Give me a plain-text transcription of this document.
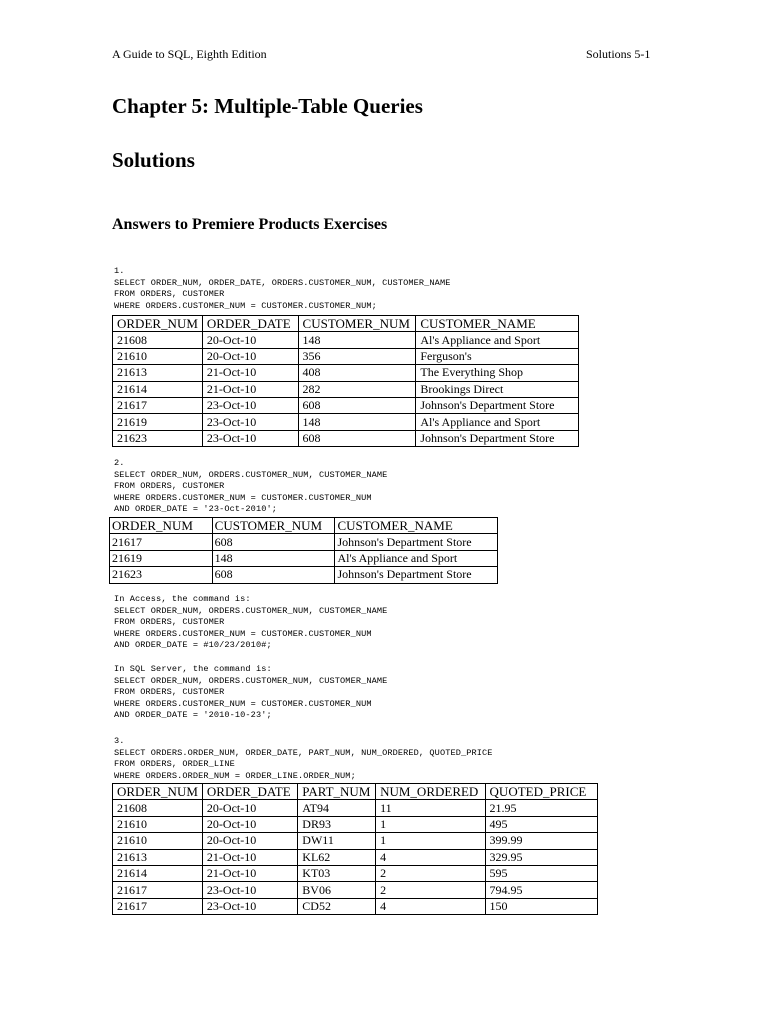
A Guide to SQL, Eighth Edition	Solutions 5-1
Chapter 5: Multiple-Table Queries
Solutions
Answers to Premiere Products Exercises
1.
SELECT ORDER_NUM, ORDER_DATE, ORDERS.CUSTOMER_NUM, CUSTOMER_NAME
FROM ORDERS, CUSTOMER
WHERE ORDERS.CUSTOMER_NUM = CUSTOMER.CUSTOMER_NUM;
ORDER_NUM	ORDER_DATE	CUSTOMER_NUM	CUSTOMER_NAME
21608	20-Oct-10	148	Al's Appliance and Sport
21610	20-Oct-10	356	Ferguson's
21613	21-Oct-10	408	The Everything Shop
21614	21-Oct-10	282	Brookings Direct
21617	23-Oct-10	608	Johnson's Department Store
21619	23-Oct-10	148	Al's Appliance and Sport
21623	23-Oct-10	608	Johnson's Department Store
2.
SELECT ORDER_NUM, ORDERS.CUSTOMER_NUM, CUSTOMER_NAME
FROM ORDERS, CUSTOMER
WHERE ORDERS.CUSTOMER_NUM = CUSTOMER.CUSTOMER_NUM
AND ORDER_DATE = '23-Oct-2010';
ORDER_NUM	CUSTOMER_NUM	CUSTOMER_NAME
21617	608	Johnson's Department Store
21619	148	Al's Appliance and Sport
21623	608	Johnson's Department Store
In Access, the command is:
SELECT ORDER_NUM, ORDERS.CUSTOMER_NUM, CUSTOMER_NAME
FROM ORDERS, CUSTOMER
WHERE ORDERS.CUSTOMER_NUM = CUSTOMER.CUSTOMER_NUM
AND ORDER_DATE = #10/23/2010#;
In SQL Server, the command is:
SELECT ORDER_NUM, ORDERS.CUSTOMER_NUM, CUSTOMER_NAME
FROM ORDERS, CUSTOMER
WHERE ORDERS.CUSTOMER_NUM = CUSTOMER.CUSTOMER_NUM
AND ORDER_DATE = '2010-10-23';
3.
SELECT ORDERS.ORDER_NUM, ORDER_DATE, PART_NUM, NUM_ORDERED, QUOTED_PRICE
FROM ORDERS, ORDER_LINE
WHERE ORDERS.ORDER_NUM = ORDER_LINE.ORDER_NUM;
ORDER_NUM	ORDER_DATE	PART_NUM	NUM_ORDERED	QUOTED_PRICE
21608	20-Oct-10	AT94	11	21.95
21610	20-Oct-10	DR93	1	495
21610	20-Oct-10	DW11	1	399.99
21613	21-Oct-10	KL62	4	329.95
21614	21-Oct-10	KT03	2	595
21617	23-Oct-10	BV06	2	794.95
21617	23-Oct-10	CD52	4	150
